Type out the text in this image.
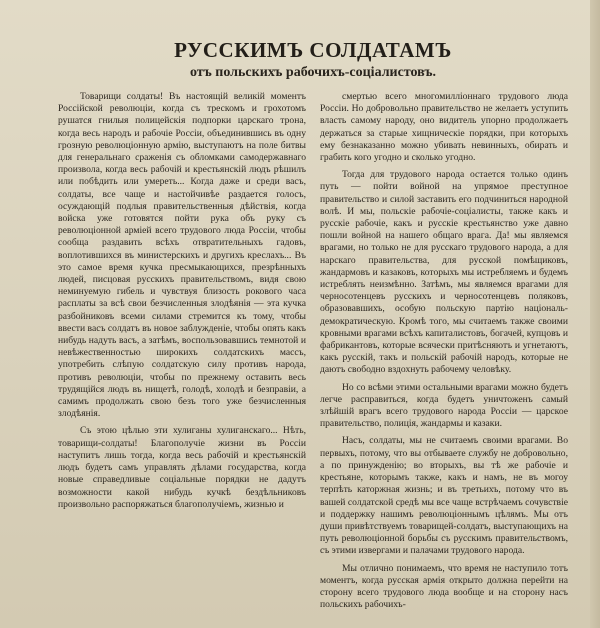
РУССКИМЪ СОЛДАТАМЪ
отъ польскихъ рабочихъ-соціалистовъ.

Товарищи солдаты! Въ настоящій великій моментъ Россійской революціи, когда съ трескомъ и грохотомъ рушатся гнилыя полицейскія подпорки царскаго трона, когда весь народъ и рабочіе Россіи, объединившись въ одну грозную революціонную армію, выступаютъ на поле битвы для генеральнаго сраженія съ обломками самодержавнаго произвола, когда весь рабочій и крестьянскій людъ рѣшилъ или побѣдить или умереть... Когда даже и среди васъ, солдаты, все чаще и настойчивѣе раздается голосъ, осуждающій подлыя правительственныя дѣйствія, когда войска уже готовятся пойти рука объ руку съ революціонной арміей всего трудового люда Россіи, чтобы сообща раздавить всѣхъ отвратительныхъ гадовъ, воплотившихся въ министерскихъ и другихъ креслахъ... Въ это самое время кучка пресмыкающихся, презрѣнныхъ людей, писцовая русскихъ правительствомъ, видя свою неминуемую гибель и чувствуя близость рокового часа расплаты за всѣ свои безчисленныя злодѣянія — эта кучка разбойниковъ всеми силами стремится къ тому, чтобы ввести васъ солдатъ въ новое заблужденіе, чтобы опять какъ нибудь надуть васъ, а затѣмъ, воспользовавшись темнотой и невѣжественностью широкихъ солдатскихъ массъ, употребить слѣпую солдатскую силу противъ народа, противъ революціи, чтобы по прежнему оставить весь трудящійся людъ въ нищетѣ, голодѣ, холодѣ и безправіи, а самимъ продолжать свою безъ того уже безчисленныя злодѣянія.

Съ этою цѣлью эти хулиганы хулиганскаго... Нѣть, товарищи-солдаты! Благополучіе жизни въ Россіи наступитъ лишь тогда, когда весь рабочій и крестьянскій людъ будетъ самъ управлять дѣлами государства, когда новые справедливые соціальные порядки не дадутъ возможности какой нибудь кучкѣ бездѣльниковъ произвольно распоряжаться благополучіемъ, жизнью и

смертью всего многомилліоннаго трудового люда Россіи. Но добровольно правительство не желаетъ уступить власть самому народу, оно видитель упорно продолжаетъ держаться за старые хищническіе порядки, при которыхъ ему безнаказанно можно убивать невинныхъ, обирать и грабить кого угодно и сколько угодно.

Тогда для трудового народа остается только одинъ путь — пойти войной на упрямое преступное правительство и силой заставить его подчиниться народной волѣ. И мы, польскіе рабочіе-соціалисты, также какъ и русскіе рабочіе, какъ и русскіе крестьянство уже давно пошли войной на нашего общаго врага. Да! мы являемся врагами, но только не для русскаго трудового народа, а для нарскаго правительства, для русской помѣщиковъ, жандармовъ и казаковъ, которыхъ мы истребляемъ и будемъ истреблять неизмѣнно. Затѣмъ, мы являемся врагами для черносотенцевъ русскихъ и черносотенцевъ поляковъ, образовавшихъ, особую польскую партію національ-демократическую. Кромѣ того, мы считаемъ также своими кровными врагами всѣхъ капиталистовъ, богачей, купцовъ и фабрикантовъ, которые всячески притѣсняютъ и угнетаютъ, какъ русскій, такъ и польскій рабочій народъ, которые не даютъ свободно вздохнуть рабочему человѣку.

Но со всѣми этими остальными врагами можно будетъ легче расправиться, когда будетъ уничтоженъ самый злѣйшій врагъ всего трудового народа Россіи — царское правительство, полиція, жандармы и казаки.

Насъ, солдаты, мы не считаемъ своими врагами. Во первыхъ, потому, что вы отбываете службу не добровольно, а по принужденію; во вторыхъ, вы тѣ же рабочіе и крестьяне, которымъ также, какъ и намъ, не въ могоу терпѣть каторжная жизнь; и въ третьихъ, потому что въ вашей солдатской средѣ мы все чаще встрѣчаемъ сочувствіе и поддержку нашимъ революціоннымъ цѣлямъ. Мы отъ души привѣтствуемъ товарищей-солдатъ, выступающихъ на путь революціонной борьбы съ русскимъ правительствомъ, съ этими извергами и палачами трудового народа.

Мы отлично понимаемъ, что время не наступило тотъ моментъ, когда русская армія открыто должна перейти на сторону всего трудового люда вообще и на сторону насъ польскихъ рабочихъ-
